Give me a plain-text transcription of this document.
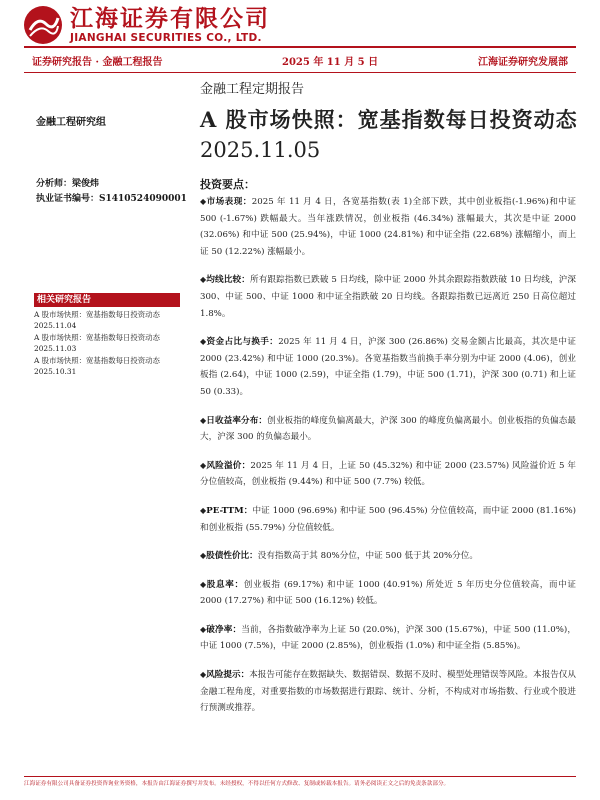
江海证券有限公司
JIANGHAI SECURITIES CO., LTD.
证券研究报告 · 金融工程报告	2025 年 11 月 5 日	江海证券研究发展部
金融工程定期报告
A 股市场快照：宽基指数每日投资动态
2025.11.05
金融工程研究组
分析师：梁俊炜
执业证书编号：S1410524090001
相关研究报告
A 股市场快照：宽基指数每日投资动态 2025.11.04
A 股市场快照：宽基指数每日投资动态 2025.11.03
A 股市场快照：宽基指数每日投资动态 2025.10.31
投资要点：
◆市场表现：2025 年 11 月 4 日，各宽基指数(表 1)全部下跌，其中创业板指(-1.96%)和中证 500 (-1.67%) 跌幅最大。当年涨跌情况，创业板指 (46.34%) 涨幅最大，其次是中证 2000 (32.06%) 和中证 500 (25.94%)，中证 1000 (24.81%) 和中证全指 (22.68%) 涨幅缩小，而上证 50 (12.22%) 涨幅最小。
◆均线比较：所有跟踪指数已跌破 5 日均线，除中证 2000 外其余跟踪指数跌破 10 日均线，沪深 300、中证 500、中证 1000 和中证全指跌破 20 日均线。各跟踪指数已远离近 250 日高位超过 1.8%。
◆资金占比与换手：2025 年 11 月 4 日，沪深 300 (26.86%) 交易金额占比最高，其次是中证 2000 (23.42%) 和中证 1000 (20.3%)。各宽基指数当前换手率分别为中证 2000 (4.06)，创业板指 (2.64)，中证 1000 (2.59)，中证全指 (1.79)，中证 500 (1.71)，沪深 300 (0.71) 和上证 50 (0.33)。
◆日收益率分布：创业板指的峰度负偏离最大，沪深 300 的峰度负偏离最小。创业板指的负偏态最大，沪深 300 的负偏态最小。
◆风险溢价：2025 年 11 月 4 日，上证 50 (45.32%) 和中证 2000 (23.57%) 风险溢价近 5 年分位值较高，创业板指 (9.44%) 和中证 500 (7.7%) 较低。
◆PE-TTM：中证 1000 (96.69%) 和中证 500 (96.45%) 分位值较高，而中证 2000 (81.16%) 和创业板指 (55.79%) 分位值较低。
◆股债性价比：没有指数高于其 80%分位，中证 500 低于其 20%分位。
◆股息率：创业板指 (69.17%) 和中证 1000 (40.91%) 所处近 5 年历史分位值较高，而中证 2000 (17.27%) 和中证 500 (16.12%) 较低。
◆破净率：当前，各指数破净率为上证 50 (20.0%)，沪深 300 (15.67%)，中证 500 (11.0%)，中证 1000 (7.5%)，中证 2000 (2.85%)，创业板指 (1.0%) 和中证全指 (5.85%)。
◆风险提示：本报告可能存在数据缺失、数据错误、数据不及时、模型处理错误等风险。本报告仅从金融工程角度，对重要指数的市场数据进行跟踪、统计、分析，不构成对市场指数、行业或个股进行预测或推荐。
江海证券有限公司具备证券投资咨询业务资格，本报告由江海证券撰写并发布。未经授权，不得以任何方式修改、复制或转载本报告。请务必阅读正文之后的免责条款部分。
